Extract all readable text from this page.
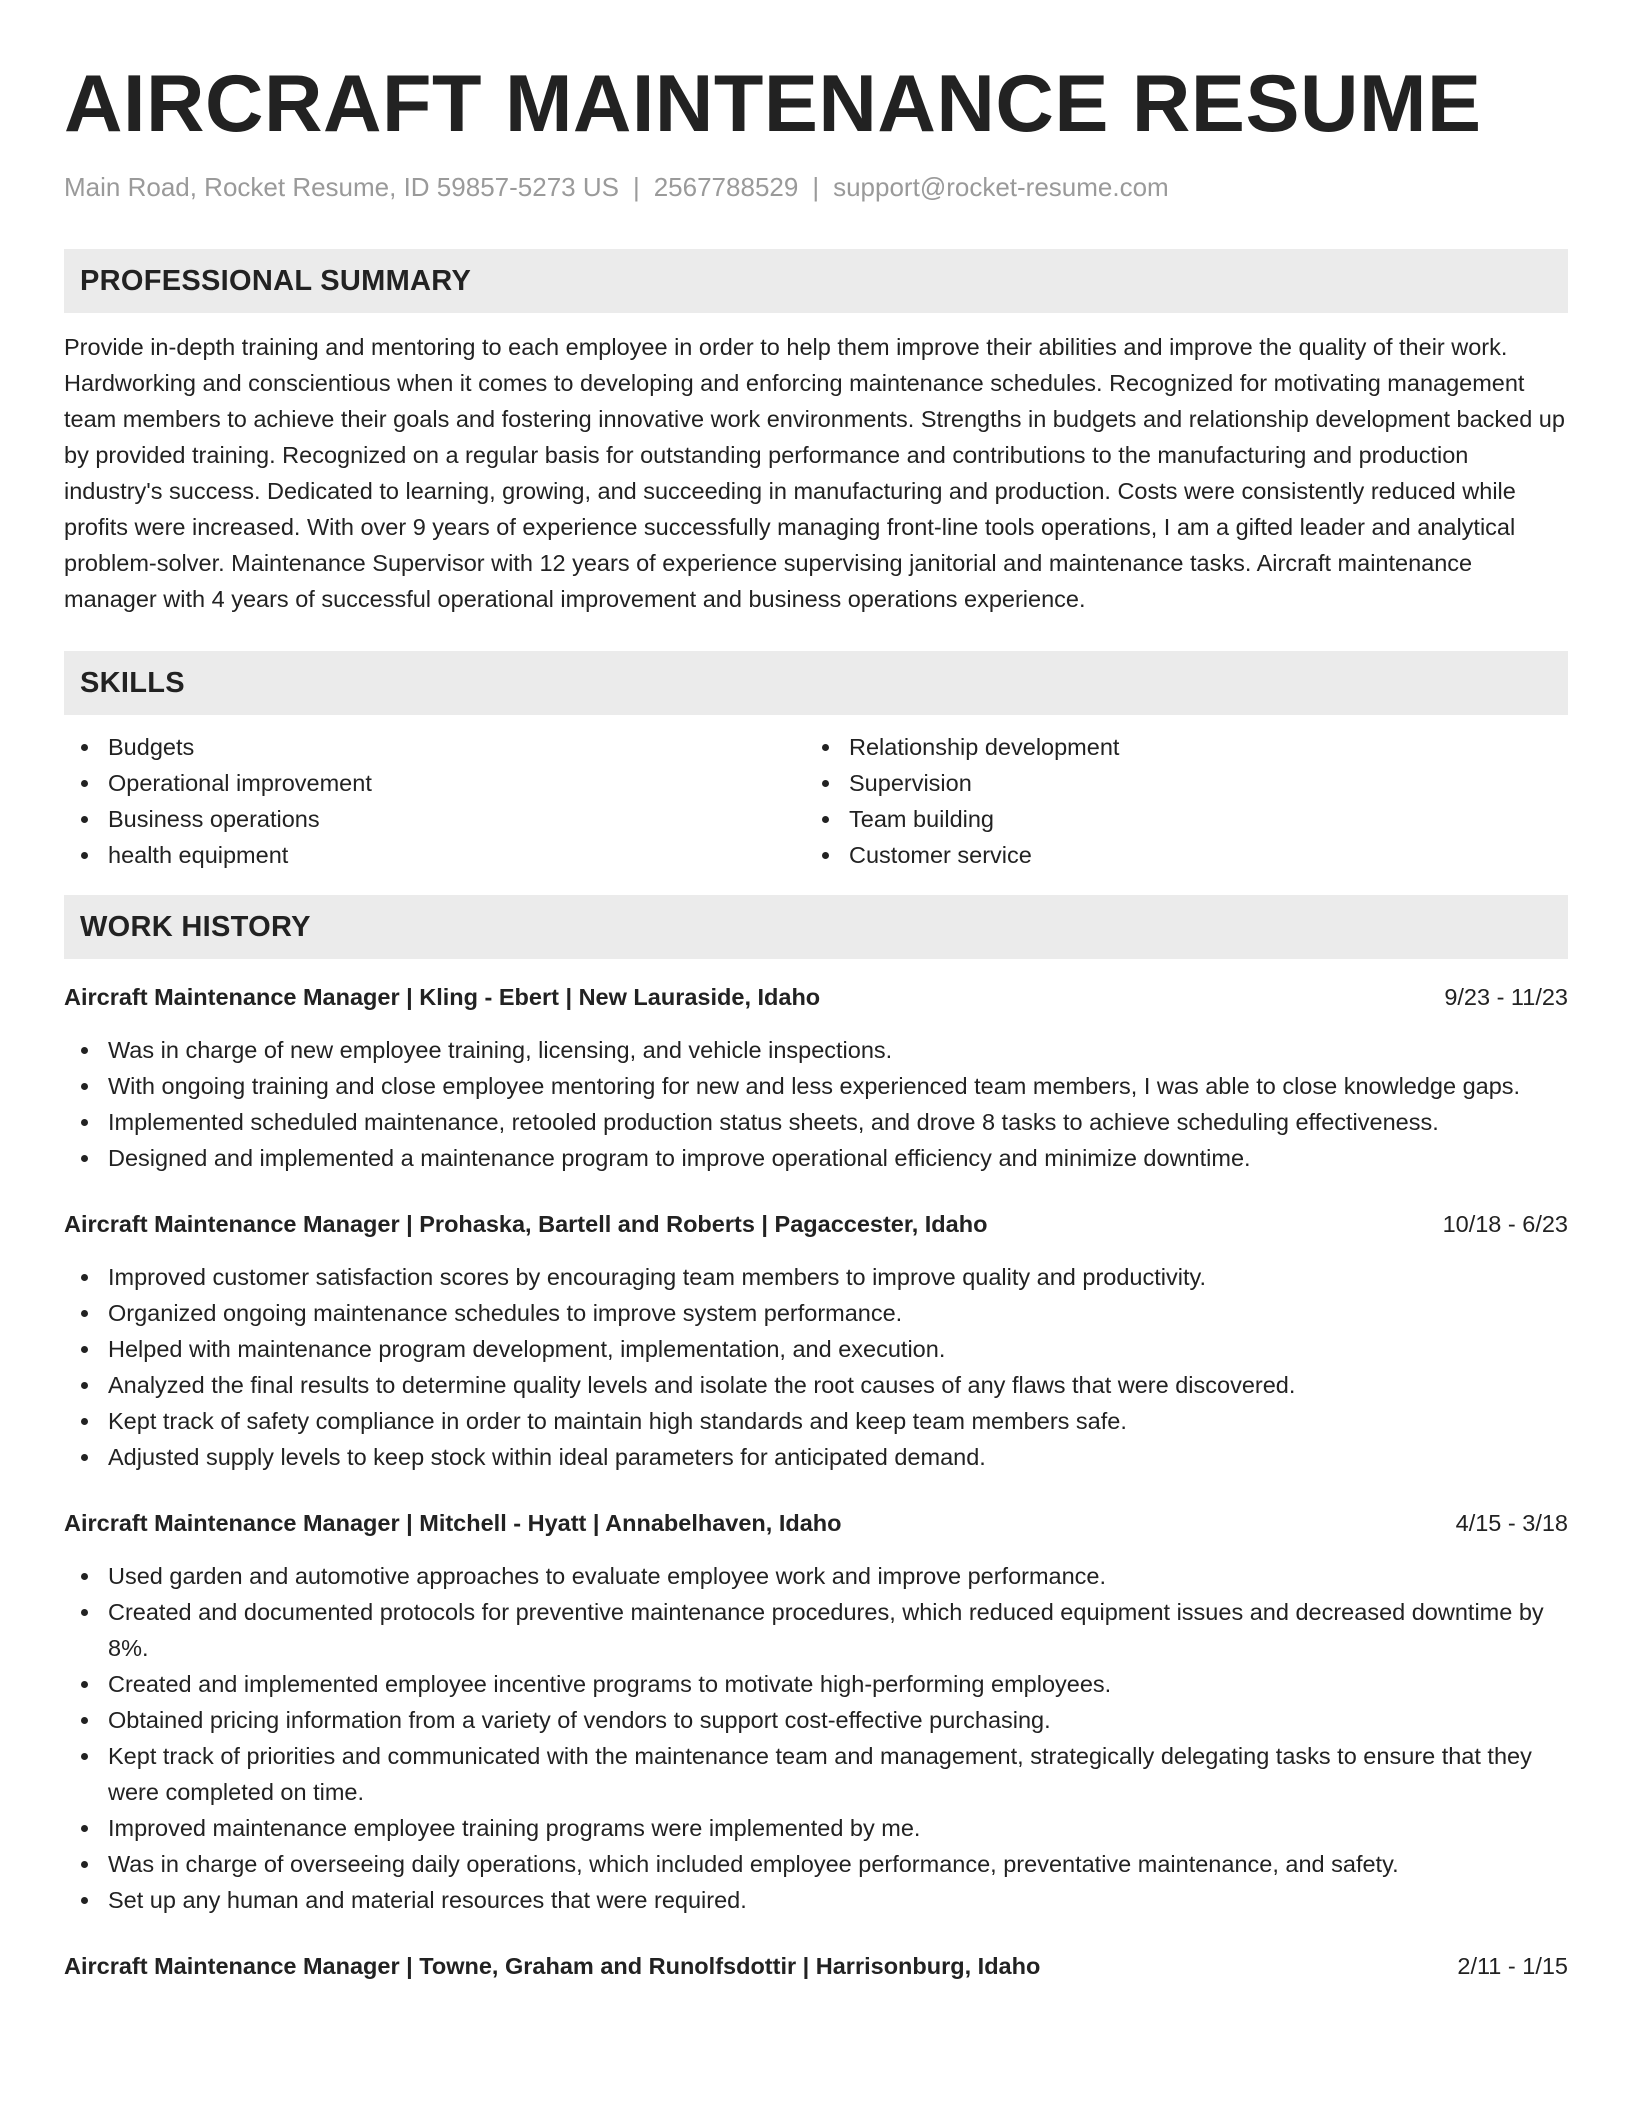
AIRCRAFT MAINTENANCE RESUME
Main Road, Rocket Resume, ID 59857-5273 US | 2567788529 | support@rocket-resume.com
PROFESSIONAL SUMMARY

Provide in-depth training and mentoring to each employee in order to help them improve their abilities and improve the quality of their work. Hardworking and conscientious when it comes to developing and enforcing maintenance schedules. Recognized for motivating management team members to achieve their goals and fostering innovative work environments. Strengths in budgets and relationship development backed up by provided training. Recognized on a regular basis for outstanding performance and contributions to the manufacturing and production industry's success. Dedicated to learning, growing, and succeeding in manufacturing and production. Costs were consistently reduced while profits were increased. With over 9 years of experience successfully managing front-line tools operations, I am a gifted leader and analytical problem-solver. Maintenance Supervisor with 12 years of experience supervising janitorial and maintenance tasks. Aircraft maintenance manager with 4 years of successful operational improvement and business operations experience.

SKILLS
Budgets
Operational improvement
Business operations
health equipment
Relationship development
Supervision
Team building
Customer service
WORK HISTORY
Aircraft Maintenance Manager | Kling - Ebert | New Lauraside, Idaho	9/23 - 11/23
Was in charge of new employee training, licensing, and vehicle inspections.
With ongoing training and close employee mentoring for new and less experienced team members, I was able to close knowledge gaps.
Implemented scheduled maintenance, retooled production status sheets, and drove 8 tasks to achieve scheduling effectiveness.
Designed and implemented a maintenance program to improve operational efficiency and minimize downtime.
Aircraft Maintenance Manager | Prohaska, Bartell and Roberts | Pagaccester, Idaho	10/18 - 6/23
Improved customer satisfaction scores by encouraging team members to improve quality and productivity.
Organized ongoing maintenance schedules to improve system performance.
Helped with maintenance program development, implementation, and execution.
Analyzed the final results to determine quality levels and isolate the root causes of any flaws that were discovered.
Kept track of safety compliance in order to maintain high standards and keep team members safe.
Adjusted supply levels to keep stock within ideal parameters for anticipated demand.
Aircraft Maintenance Manager | Mitchell - Hyatt | Annabelhaven, Idaho	4/15 - 3/18
Used garden and automotive approaches to evaluate employee work and improve performance.
Created and documented protocols for preventive maintenance procedures, which reduced equipment issues and decreased downtime by 8%.
Created and implemented employee incentive programs to motivate high-performing employees.
Obtained pricing information from a variety of vendors to support cost-effective purchasing.
Kept track of priorities and communicated with the maintenance team and management, strategically delegating tasks to ensure that they were completed on time.
Improved maintenance employee training programs were implemented by me.
Was in charge of overseeing daily operations, which included employee performance, preventative maintenance, and safety.
Set up any human and material resources that were required.
Aircraft Maintenance Manager | Towne, Graham and Runolfsdottir | Harrisonburg, Idaho	2/11 - 1/15
